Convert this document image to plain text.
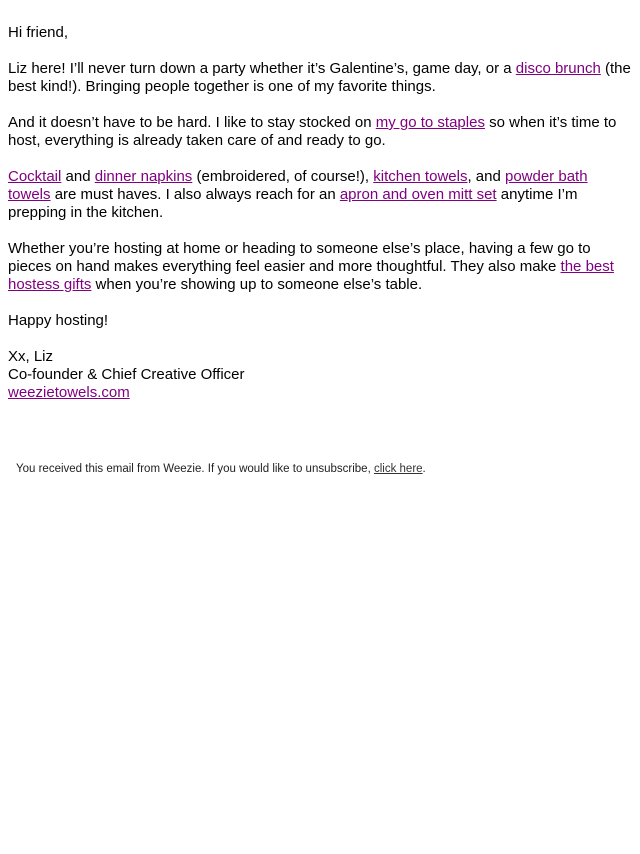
Hi friend,

Liz here! I’ll never turn down a party whether it’s Galentine’s, game day, or a disco brunch (the best kind!). Bringing people together is one of my favorite things.

And it doesn’t have to be hard. I like to stay stocked on my go to staples so when it’s time to host, everything is already taken care of and ready to go.

Cocktail and dinner napkins (embroidered, of course!), kitchen towels, and powder bath towels are must haves. I also always reach for an apron and oven mitt set anytime I’m prepping in the kitchen.

Whether you’re hosting at home or heading to someone else’s place, having a few go to pieces on hand makes everything feel easier and more thoughtful. They also make the best hostess gifts when you’re showing up to someone else’s table.

Happy hosting!

Xx, Liz
Co-founder & Chief Creative Officer
weezietowels.com
You received this email from Weezie. If you would like to unsubscribe, click here.
